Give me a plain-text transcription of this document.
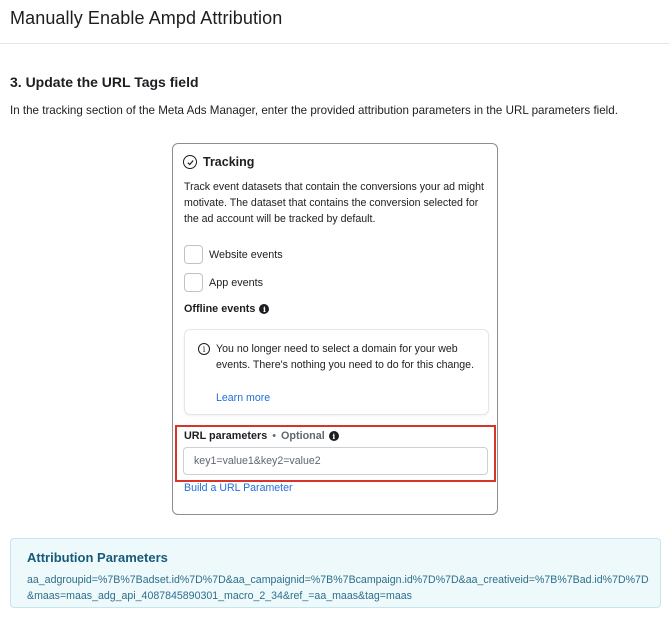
Manually Enable Ampd Attribution
3. Update the URL Tags field
In the tracking section of the Meta Ads Manager, enter the provided attribution parameters in the URL parameters field.
Tracking
Track event datasets that contain the conversions your ad might motivate. The dataset that contains the conversion selected for the ad account will be tracked by default.
Website events
App events
Offline events	i
i	You no longer need to select a domain for your web events. There's nothing you need to do for this change.
Learn more
URL parameters • Optional	i
key1=value1&key2=value2
Build a URL Parameter
Attribution Parameters
aa_adgroupid=%7B%7Badset.id%7D%7D&aa_campaignid=%7B%7Bcampaign.id%7D%7D&aa_creativeid=%7B%7Bad.id%7D%7D&maas=maas_adg_api_4087845890301_macro_2_34&ref_=aa_maas&tag=maas
